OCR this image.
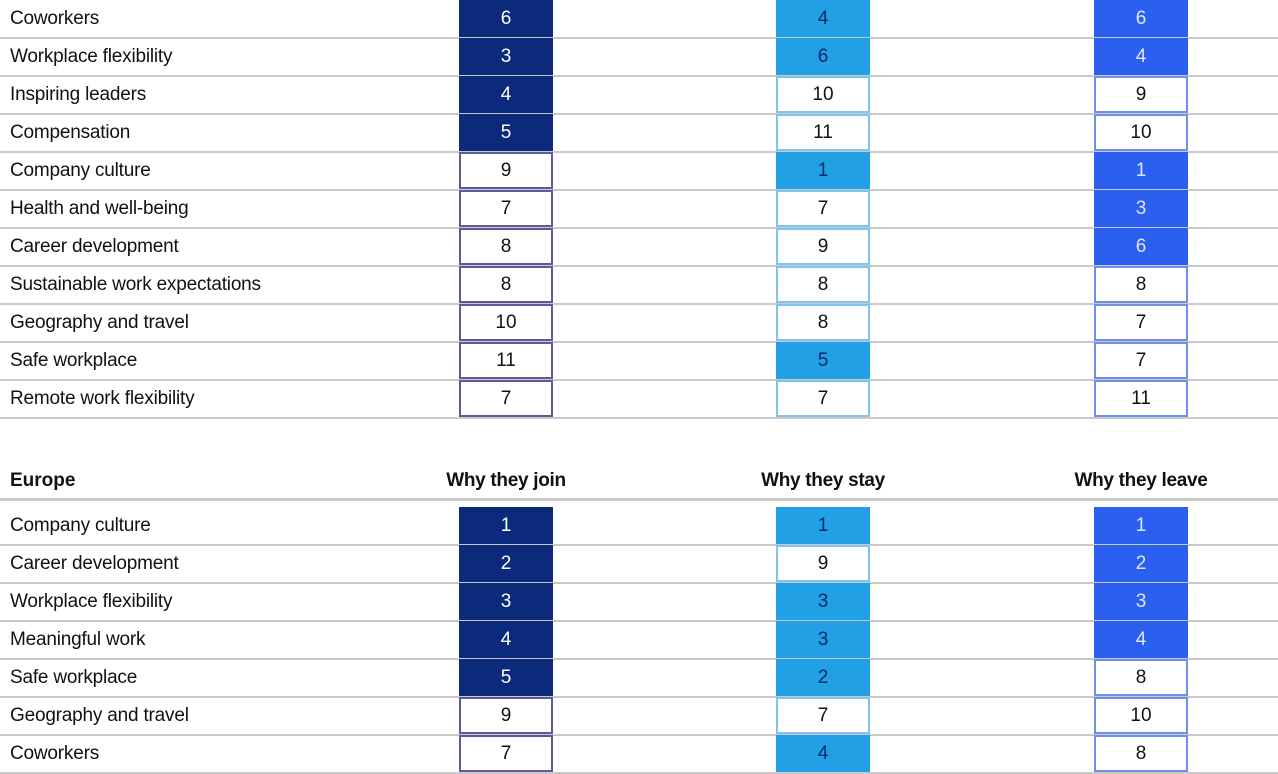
Coworkers	6	4	6
Workplace flexibility	3	6	4
Inspiring leaders	4	10	9
Compensation	5	11	10
Company culture	9	1	1
Health and well-being	7	7	3
Career development	8	9	6
Sustainable work expectations	8	8	8
Geography and travel	10	8	7
Safe workplace	11	5	7
Remote work flexibility	7	7	11
Europe	Why they join	Why they stay	Why they leave
Company culture	1	1	1
Career development	2	9	2
Workplace flexibility	3	3	3
Meaningful work	4	3	4
Safe workplace	5	2	8
Geography and travel	9	7	10
Coworkers	7	4	8
